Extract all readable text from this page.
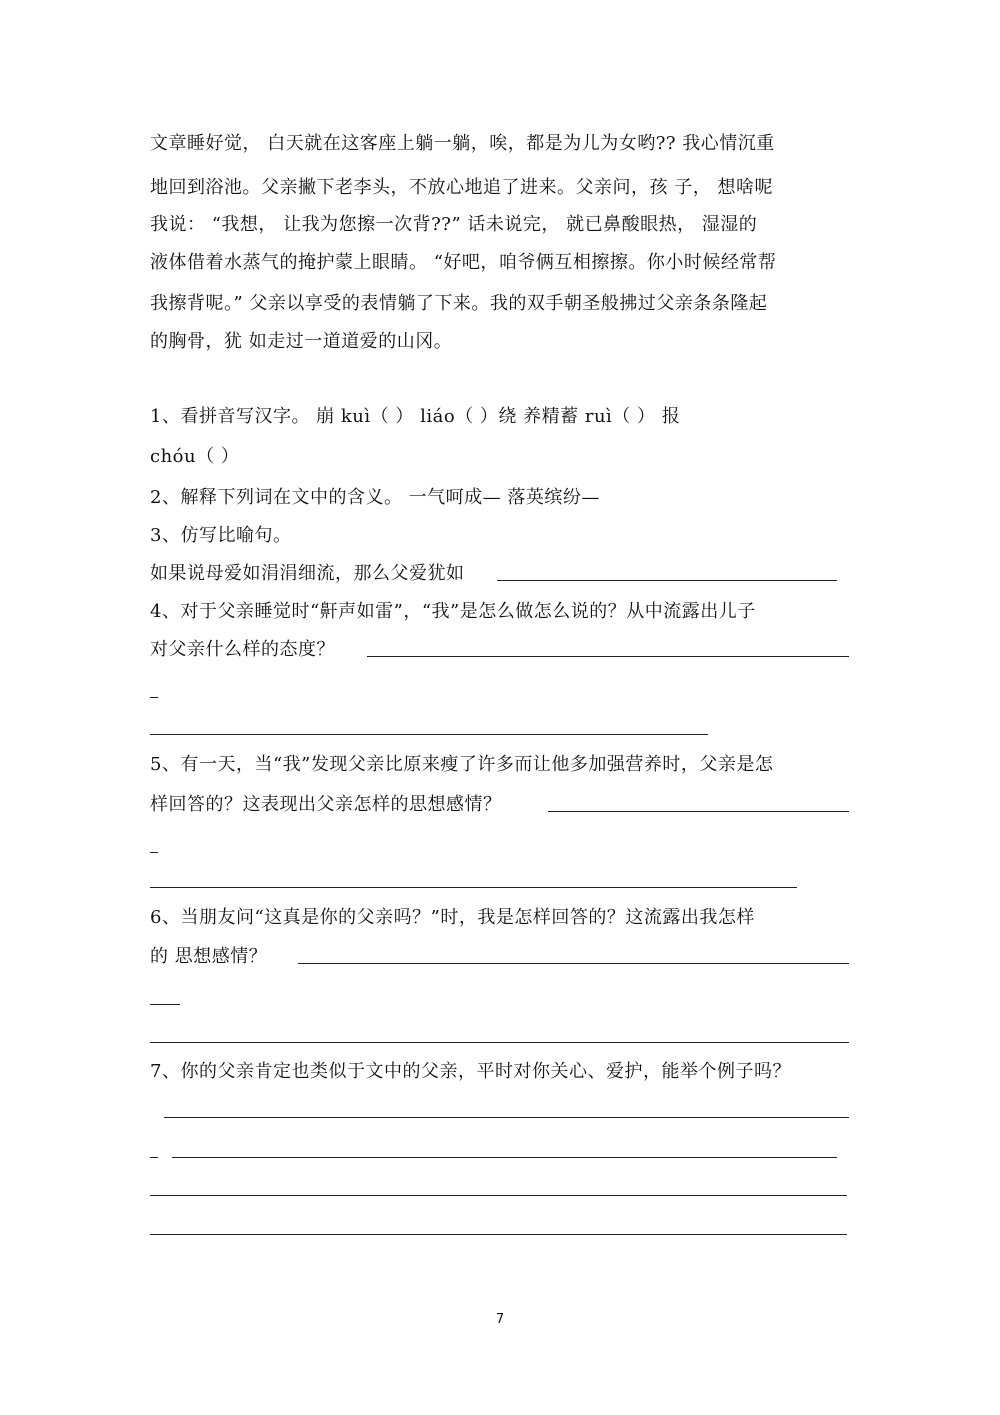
文章睡好觉， 白天就在这客座上躺一躺，唉，都是为儿为女哟?? 我心情沉重
地回到浴池。父亲撇下老李头，不放心地追了进来。父亲问，孩 子， 想啥呢
我说： “我想， 让我为您擦一次背??” 话未说完， 就已鼻酸眼热， 湿湿的
液体借着水蒸气的掩护蒙上眼睛。 “好吧，咱爷俩互相擦擦。你小时候经常帮
我擦背呢。” 父亲以享受的表情躺了下来。我的双手朝圣般拂过父亲条条隆起
的胸骨，犹 如走过一道道爱的山冈。
1、看拼音写汉字。 崩 kuì（ ） liáo（ ）绕 养精蓄 ruì（ ） 报
chóu（ ）
2、解释下列词在文中的含义。 一气呵成— 落英缤纷—
3、仿写比喻句。
如果说母爱如涓涓细流，那么父爱犹如
4、对于父亲睡觉时“鼾声如雷”，“我”是怎么做怎么说的？从中流露出儿子
对父亲什么样的态度？
5、有一天，当“我”发现父亲比原来瘦了许多而让他多加强营养时，父亲是怎
样回答的？这表现出父亲怎样的思想感情？
6、当朋友问“这真是你的父亲吗？”时，我是怎样回答的？这流露出我怎样
的 思想感情？
7、你的父亲肯定也类似于文中的父亲，平时对你关心、爱护，能举个例子吗？
7
